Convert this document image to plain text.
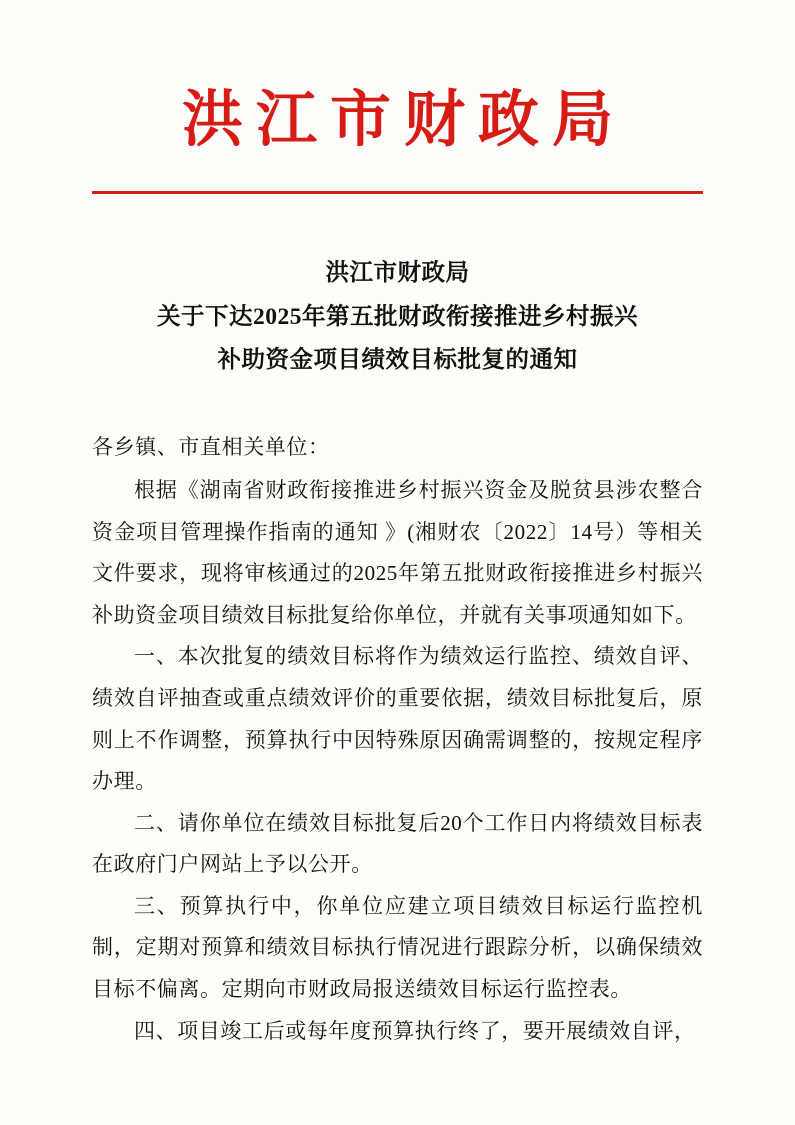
洪江市财政局
洪江市财政局
关于下达2025年第五批财政衔接推进乡村振兴
补助资金项目绩效目标批复的通知

各乡镇、市直相关单位：

根据《湖南省财政衔接推进乡村振兴资金及脱贫县涉农整合资金项目管理操作指南的通知 》(湘财农〔2022〕14号）等相关文件要求，现将审核通过的2025年第五批财政衔接推进乡村振兴补助资金项目绩效目标批复给你单位，并就有关事项通知如下。

一、本次批复的绩效目标将作为绩效运行监控、绩效自评、绩效自评抽查或重点绩效评价的重要依据，绩效目标批复后，原则上不作调整，预算执行中因特殊原因确需调整的，按规定程序办理。

二、请你单位在绩效目标批复后20个工作日内将绩效目标表在政府门户网站上予以公开。

三、预算执行中，你单位应建立项目绩效目标运行监控机制，定期对预算和绩效目标执行情况进行跟踪分析，以确保绩效目标不偏离。定期向市财政局报送绩效目标运行监控表。

四、项目竣工后或每年度预算执行终了，要开展绩效自评，
